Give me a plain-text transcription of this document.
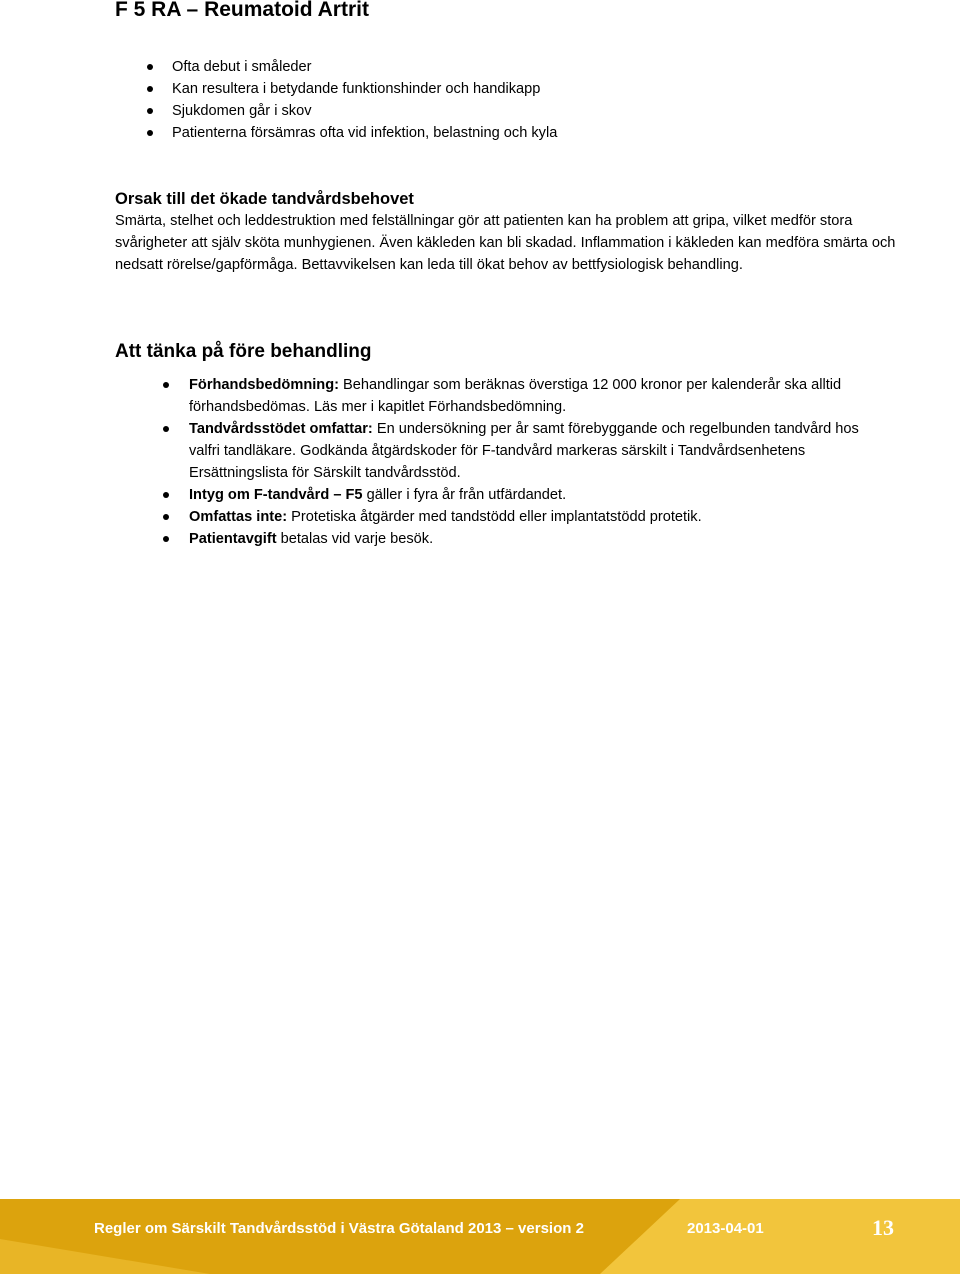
F 5 RA – Reumatoid Artrit
Ofta debut i småleder
Kan resultera i betydande funktionshinder och handikapp
Sjukdomen går i skov
Patienterna försämras ofta vid infektion, belastning och kyla
Orsak till det ökade tandvårdsbehovet

Smärta, stelhet och leddestruktion med felställningar gör att patienten kan ha problem att gripa, vilket medför stora svårigheter att själv sköta munhygienen. Även käkleden kan bli skadad. Inflammation i käkleden kan medföra smärta och nedsatt rörelse/gapförmåga. Bettavvikelsen kan leda till ökat behov av bettfysiologisk behandling.

Att tänka på före behandling
Förhandsbedömning: Behandlingar som beräknas överstiga 12 000 kronor per kalenderår ska alltid förhandsbedömas. Läs mer i kapitlet Förhandsbedömning.
Tandvårdsstödet omfattar: En undersökning per år samt förebyggande och regelbunden tandvård hos valfri tandläkare. Godkända åtgärdskoder för F-tandvård markeras särskilt i Tandvårdsenhetens Ersättningslista för Särskilt tandvårdsstöd.
Intyg om F-tandvård – F5 gäller i fyra år från utfärdandet.
Omfattas inte: Protetiska åtgärder med tandstödd eller implantatstödd protetik.
Patientavgift betalas vid varje besök.
Regler om Särskilt Tandvårdsstöd i Västra Götaland 2013 – version 2	2013-04-01	13
